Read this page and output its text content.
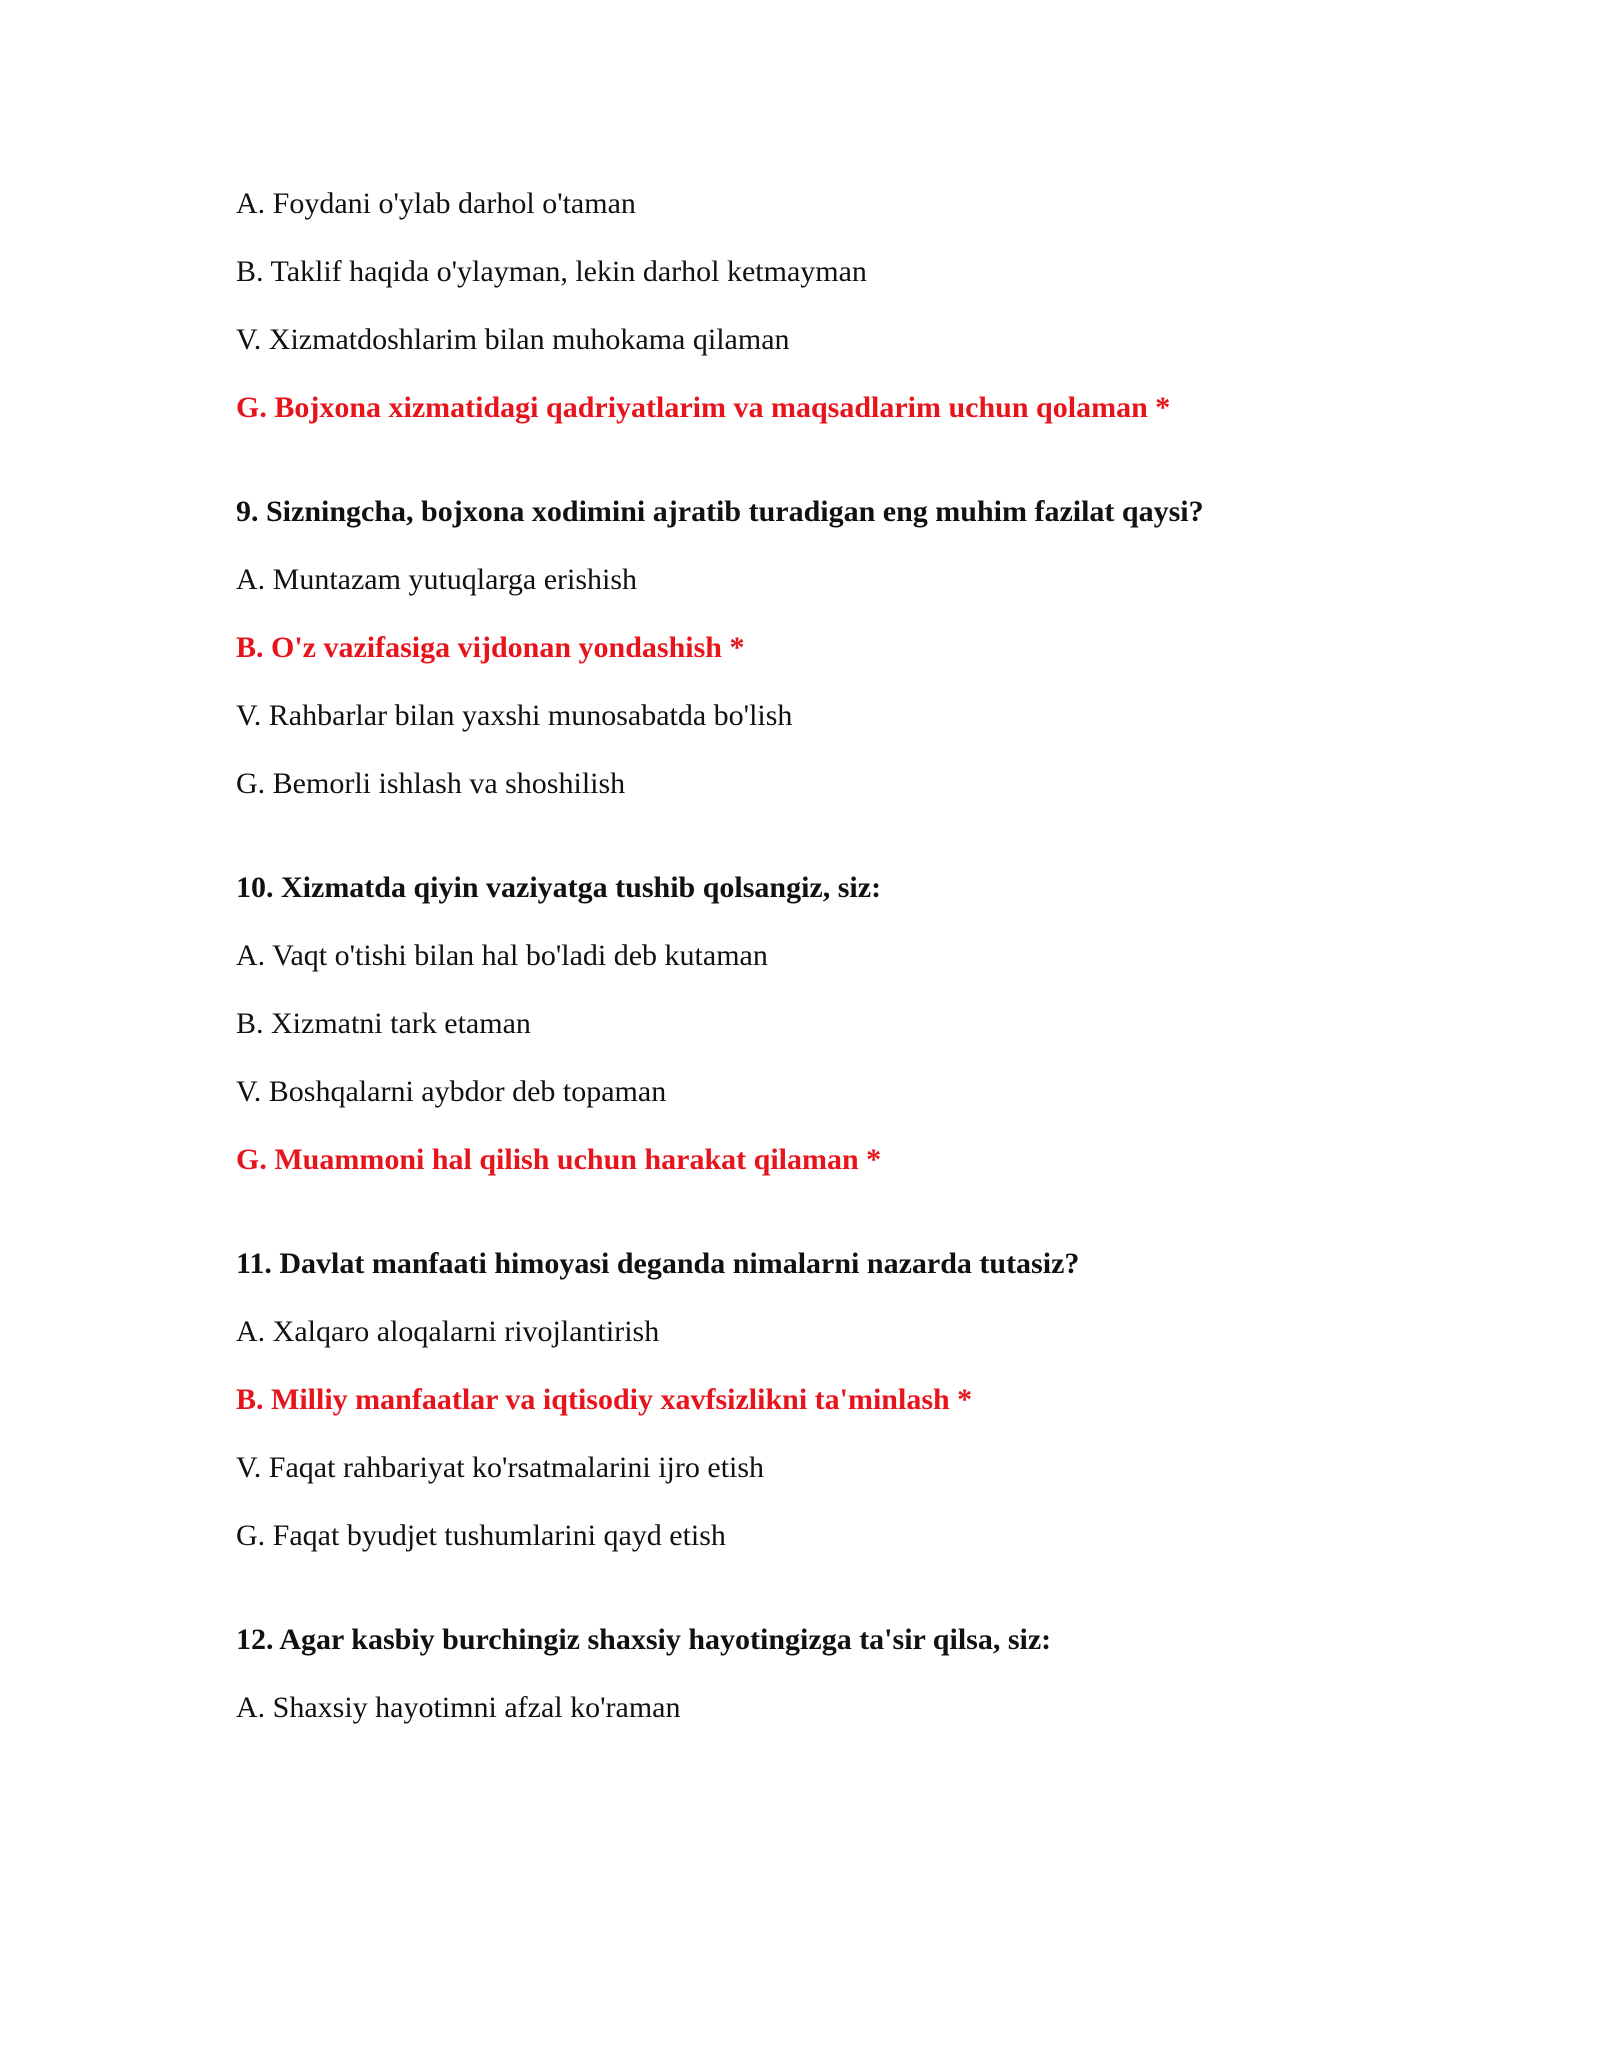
A. Foydani o'ylab darhol o'taman
B. Taklif haqida o'ylayman, lekin darhol ketmayman
V. Xizmatdoshlarim bilan muhokama qilaman
G. Bojxona xizmatidagi qadriyatlarim va maqsadlarim uchun qolaman *
9. Sizningcha, bojxona xodimini ajratib turadigan eng muhim fazilat qaysi?
A. Muntazam yutuqlarga erishish
B. O'z vazifasiga vijdonan yondashish *
V. Rahbarlar bilan yaxshi munosabatda bo'lish
G. Bemorli ishlash va shoshilish
10. Xizmatda qiyin vaziyatga tushib qolsangiz, siz:
A. Vaqt o'tishi bilan hal bo'ladi deb kutaman
B. Xizmatni tark etaman
V. Boshqalarni aybdor deb topaman
G. Muammoni hal qilish uchun harakat qilaman *
11. Davlat manfaati himoyasi deganda nimalarni nazarda tutasiz?
A. Xalqaro aloqalarni rivojlantirish
B. Milliy manfaatlar va iqtisodiy xavfsizlikni ta'minlash *
V. Faqat rahbariyat ko'rsatmalarini ijro etish
G. Faqat byudjet tushumlarini qayd etish
12. Agar kasbiy burchingiz shaxsiy hayotingizga ta'sir qilsa, siz:
A. Shaxsiy hayotimni afzal ko'raman
